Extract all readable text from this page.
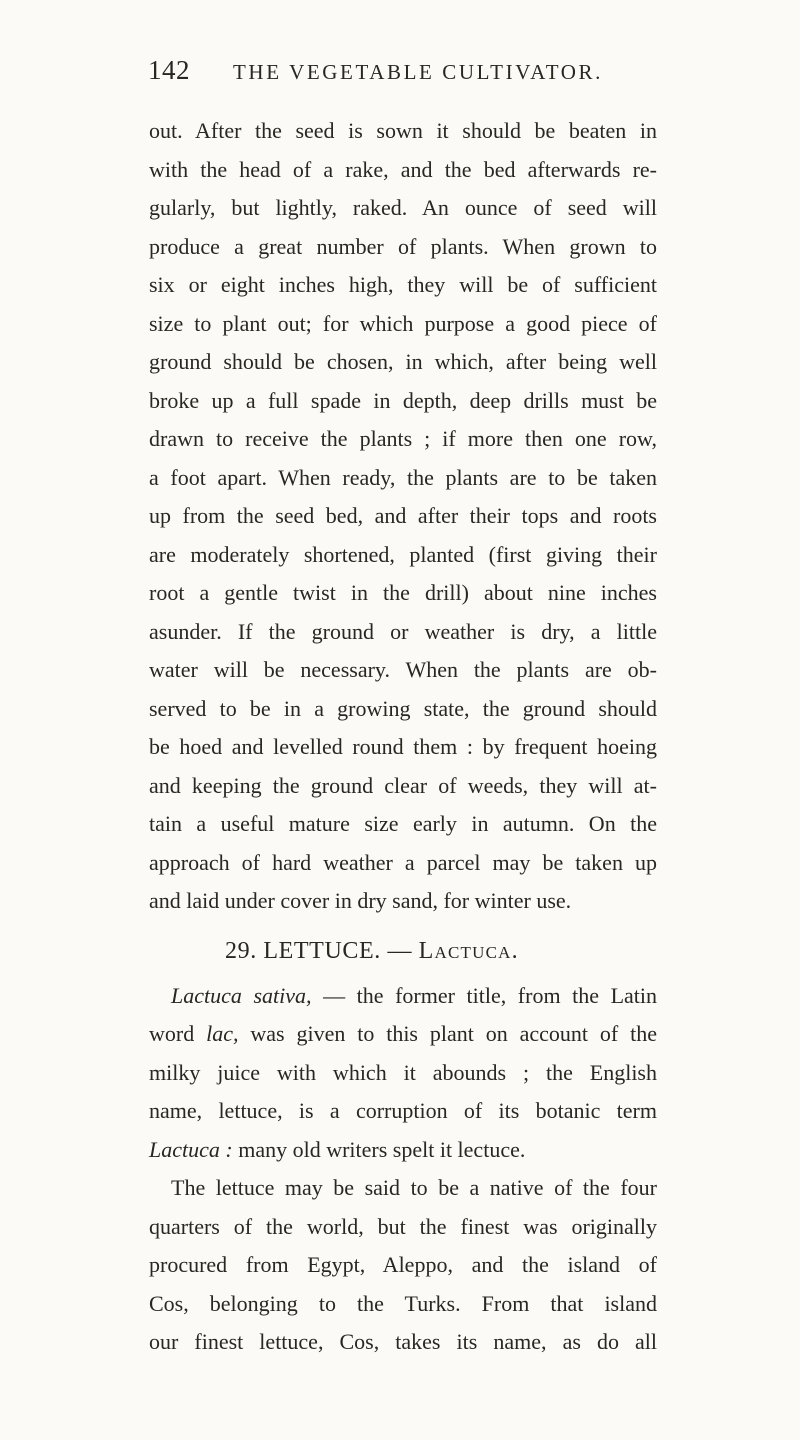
142 THE VEGETABLE CULTIVATOR.
out. After the seed is sown it should be beaten in
with the head of a rake, and the bed afterwards re-
gularly, but lightly, raked. An ounce of seed will
produce a great number of plants. When grown to
six or eight inches high, they will be of sufficient
size to plant out; for which purpose a good piece of
ground should be chosen, in which, after being well
broke up a full spade in depth, deep drills must be
drawn to receive the plants ; if more then one row,
a foot apart. When ready, the plants are to be taken
up from the seed bed, and after their tops and roots
are moderately shortened, planted (first giving their
root a gentle twist in the drill) about nine inches
asunder. If the ground or weather is dry, a little
water will be necessary. When the plants are ob-
served to be in a growing state, the ground should
be hoed and levelled round them : by frequent hoeing
and keeping the ground clear of weeds, they will at-
tain a useful mature size early in autumn. On the
approach of hard weather a parcel may be taken up
and laid under cover in dry sand, for winter use.
29. LETTUCE. — Lactuca.
Lactuca sativa, — the former title, from the Latin
word lac, was given to this plant on account of the
milky juice with which it abounds ; the English
name, lettuce, is a corruption of its botanic term
Lactuca : many old writers spelt it lectuce.
The lettuce may be said to be a native of the four
quarters of the world, but the finest was originally
procured from Egypt, Aleppo, and the island of
Cos, belonging to the Turks. From that island
our finest lettuce, Cos, takes its name, as do all
